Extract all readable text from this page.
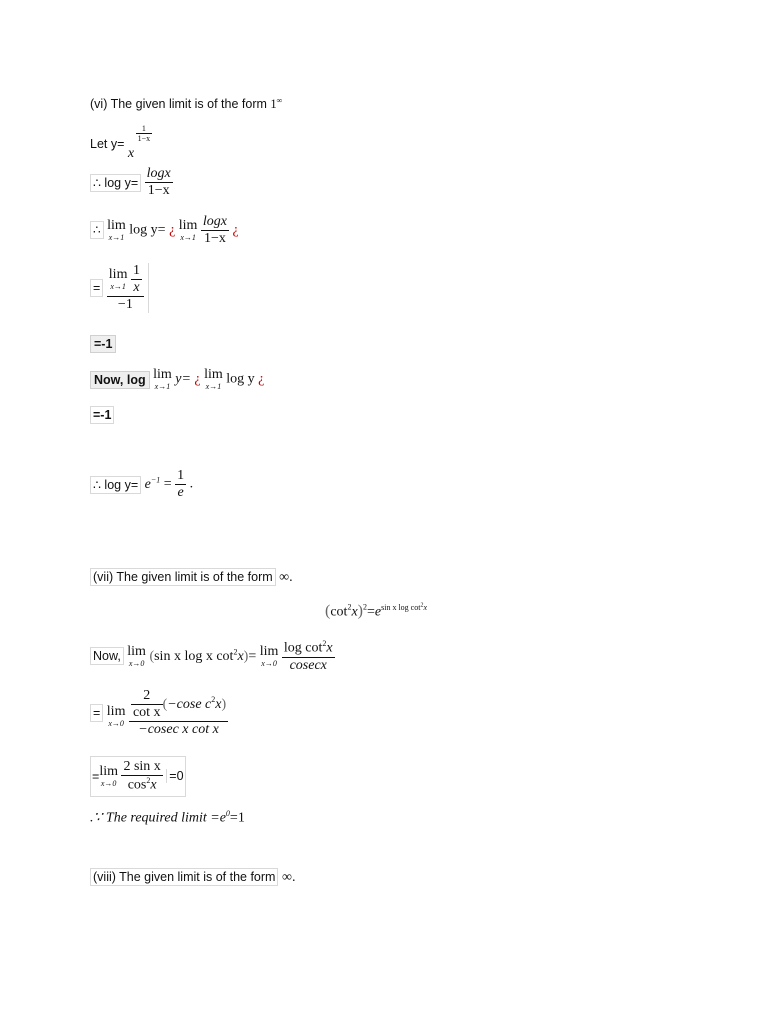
(vi) The given limit is of the form 1∞
Let y= x
$\frac{1}{1-x}$
∴ $\log y= \frac{\log x}{1-x}$
∴ lim
x→1 log y= ¿ lim
x→1
$\frac{\log x}{1-x}$ ¿
= lim
x→1
$\frac{1}{x}$
−1
=-1
Now, log lim
x→1 y= ¿ lim
x→1 log y ¿
=-1
∴ $\log y= e^{-1} = \frac{1}{e}$ .
(vii) The given limit is of the form ∞.
$(\cot^2x)^2=e^{sin x log cot^2x}$
Now, lim
x→0 (sin x log x $\cot^2x)= \lim$
x→0
$\frac{\log \cot^2x}{cosecx}$
= lim
x→0
$\frac{\frac{2}{\text{cot x}} (-\cos e c^2x)}{\text{−cosec x cot x}}$
=lim
x→0
$\frac{\text{2 sin x}}{\cos^2x} =0$
.∵ The required limit $=e^0=1$
(viii) The given limit is of the form ∞.
